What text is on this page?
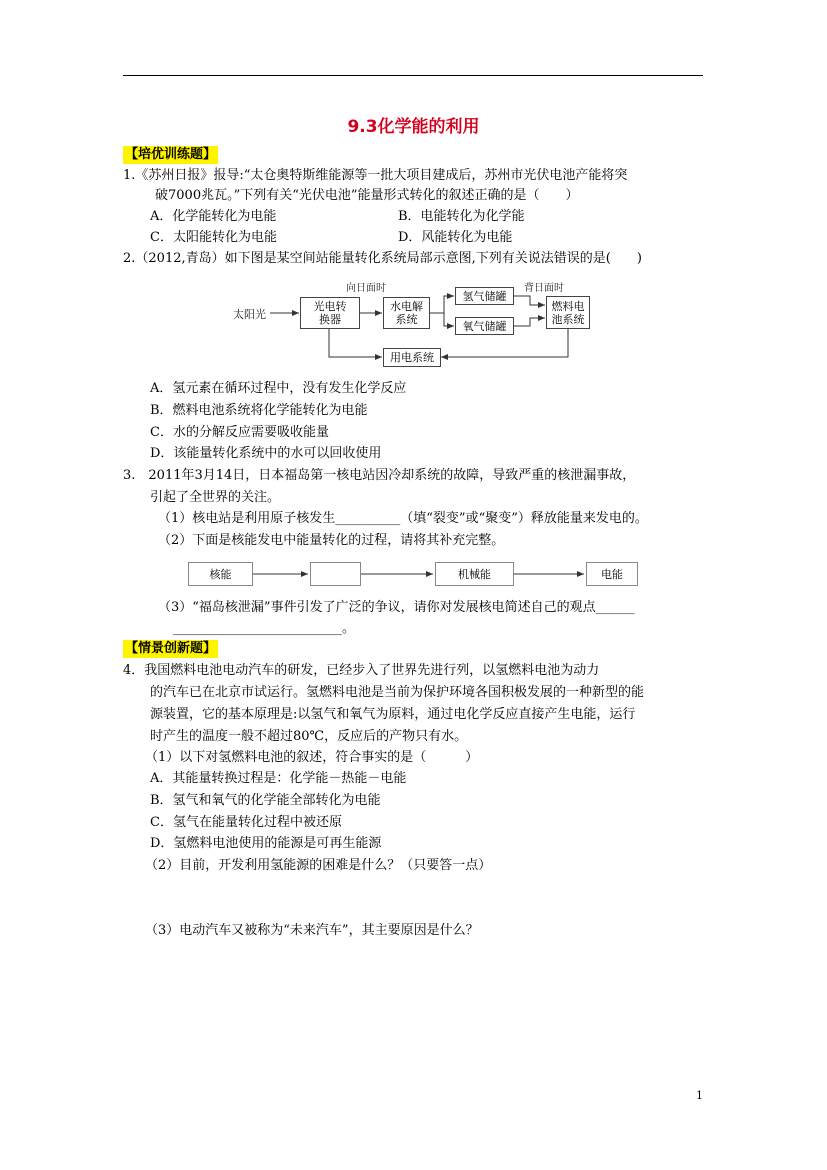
9.3化学能的利用
【培优训练题】
1.《苏州日报》报导:“太仓奥特斯维能源等一批大项目建成后，苏州市光伏电池产能将突
破7000兆瓦。”下列有关“光伏电池”能量形式转化的叙述正确的是（　　）
A．化学能转化为电能	B．电能转化为化学能
C．太阳能转化为电能	D．风能转化为电能
2.（2012,青岛）如下图是某空间站能量转化系统局部示意图,下列有关说法错误的是(　　)
太阳光
向日面时	背日面时
光电转
换器
水电解
系统
氢气储罐
氧气储罐
燃料电
池系统
用电系统
A．氢元素在循环过程中，没有发生化学反应
B．燃料电池系统将化学能转化为电能
C．水的分解反应需要吸收能量
D．该能量转化系统中的水可以回收使用
3.　2011年3月14日，日本福岛第一核电站因冷却系统的故障，导致严重的核泄漏事故，
引起了全世界的关注。
（1）核电站是利用原子核发生__________（填“裂变”或“聚变”）释放能量来发电的。
（2）下面是核能发电中能量转化的过程，请将其补充完整。
核能	机械能	电能
（3）“福岛核泄漏”事件引发了广泛的争议，请你对发展核电简述自己的观点______
__________________________。
【情景创新题】
4．我国燃料电池电动汽车的研发，已经步入了世界先进行列，以氢燃料电池为动力
的汽车已在北京市试运行。氢燃料电池是当前为保护环境各国积极发展的一种新型的能
源装置，它的基本原理是:以氢气和氧气为原料，通过电化学反应直接产生电能，运行
时产生的温度一般不超过80℃，反应后的产物只有水。
（1）以下对氢燃料电池的叙述，符合事实的是（　　　）
A．其能量转换过程是：化学能－热能－电能
B．氢气和氧气的化学能全部转化为电能
C．氢气在能量转化过程中被还原
D．氢燃料电池使用的能源是可再生能源
（2）目前，开发利用氢能源的困难是什么？（只要答一点）
（3）电动汽车又被称为“未来汽车”，其主要原因是什么？
1
